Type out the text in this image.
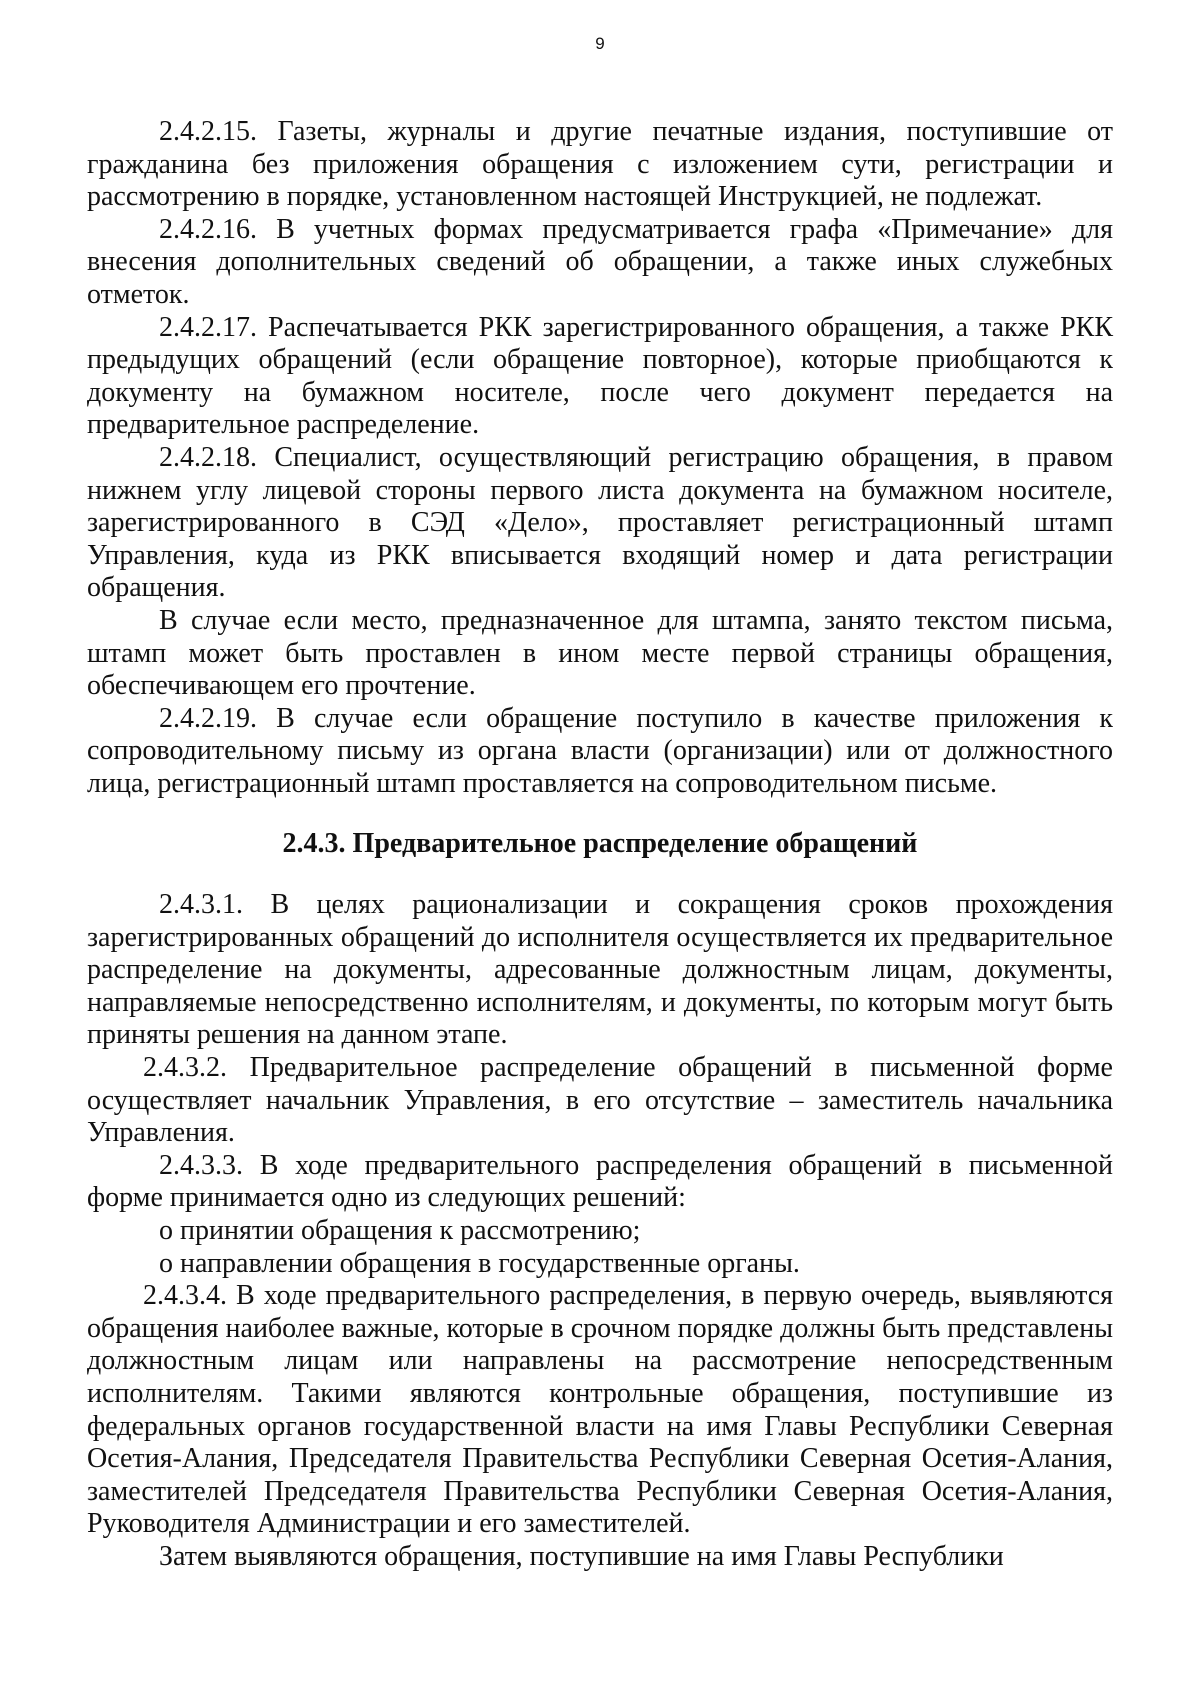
9

2.4.2.15. Газеты, журналы и другие печатные издания, поступившие от гражданина без приложения обращения с изложением сути, регистрации и рассмотрению в порядке, установленном настоящей Инструкцией, не подлежат.

2.4.2.16. В учетных формах предусматривается графа «Примечание» для внесения дополнительных сведений об обращении, а также иных служебных отметок.

2.4.2.17. Распечатывается РКК зарегистрированного обращения, а также РКК предыдущих обращений (если обращение повторное), которые приобщаются к документу на бумажном носителе, после чего документ передается на предварительное распределение.

2.4.2.18. Специалист, осуществляющий регистрацию обращения, в правом нижнем углу лицевой стороны первого листа документа на бумажном носителе, зарегистрированного в СЭД «Дело», проставляет регистрационный штамп Управления, куда из РКК вписывается входящий номер и дата регистрации обращения.

В случае если место, предназначенное для штампа, занято текстом письма, штамп может быть проставлен в ином месте первой страницы обращения, обеспечивающем его прочтение.

2.4.2.19. В случае если обращение поступило в качестве приложения к сопроводительному письму из органа власти (организации) или от должностного лица, регистрационный штамп проставляется на сопроводительном письме.

2.4.3. Предварительное распределение обращений

2.4.3.1. В целях рационализации и сокращения сроков прохождения зарегистрированных обращений до исполнителя осуществляется их предварительное распределение на документы, адресованные должностным лицам, документы, направляемые непосредственно исполнителям, и документы, по которым могут быть приняты решения на данном этапе.

2.4.3.2. Предварительное распределение обращений в письменной форме осуществляет начальник Управления, в его отсутствие – заместитель начальника Управления.

2.4.3.3. В ходе предварительного распределения обращений в письменной форме принимается одно из следующих решений:

о принятии обращения к рассмотрению;

о направлении обращения в государственные органы.

2.4.3.4. В ходе предварительного распределения, в первую очередь, выявляются обращения наиболее важные, которые в срочном порядке должны быть представлены должностным лицам или направлены на рассмотрение непосредственным исполнителям. Такими являются контрольные обращения, поступившие из федеральных органов государственной власти на имя Главы Республики Северная Осетия-Алания, Председателя Правительства Республики Северная Осетия-Алания, заместителей Председателя Правительства Республики Северная Осетия-Алания, Руководителя Администрации и его заместителей.

Затем выявляются обращения, поступившие на имя Главы Республики
